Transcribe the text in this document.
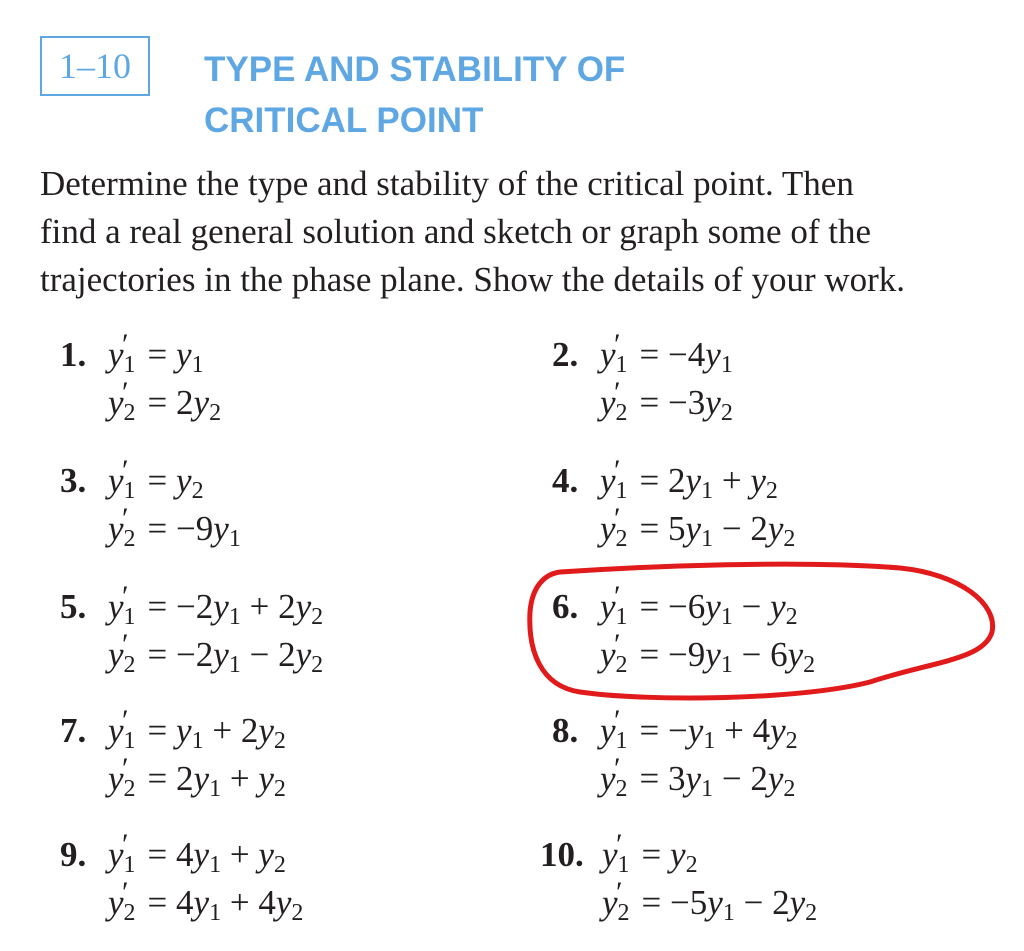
1–10 TYPE AND STABILITY OF
CRITICAL POINT

Determine the type and stability of the critical point. Then
find a real general solution and sketch or graph some of the
trajectories in the phase plane. Show the details of your work.

1. $y_1$
′ = $y_1$
$y_2$
′ = $2y_2$
2. $y_1$
′ = $-4y_1$
$y_2$
′ = $-3y_2$
3. $y_1$
′ = $y_2$
$y_2$
′ = $-9y_1$
4. $y_1$
′ = $2y_1 + y_2$
$y_2$
′ = $5y_1 - 2y_2$
5. $y_1$
′ = $-2y_1 + 2y_2$
$y_2$
′ = $-2y_1 - 2y_2$
6. $y_1$
′ = $-6y_1 - y_2$
$y_2$
′ = $-9y_1 - 6y_2$
7. $y_1$
′ = $y_1 + 2y_2$
$y_2$
′ = $2y_1 + y_2$
8. $y_1$
′ = $-y_1 + 4y_2$
$y_2$
′ = $3y_1 - 2y_2$
9. $y_1$
′ = $4y_1 + y_2$
$y_2$
′ = $4y_1 + 4y_2$
10. $y_1$
′ = $y_2$
$y_2$
′ = $-5y_1 - 2y_2$
